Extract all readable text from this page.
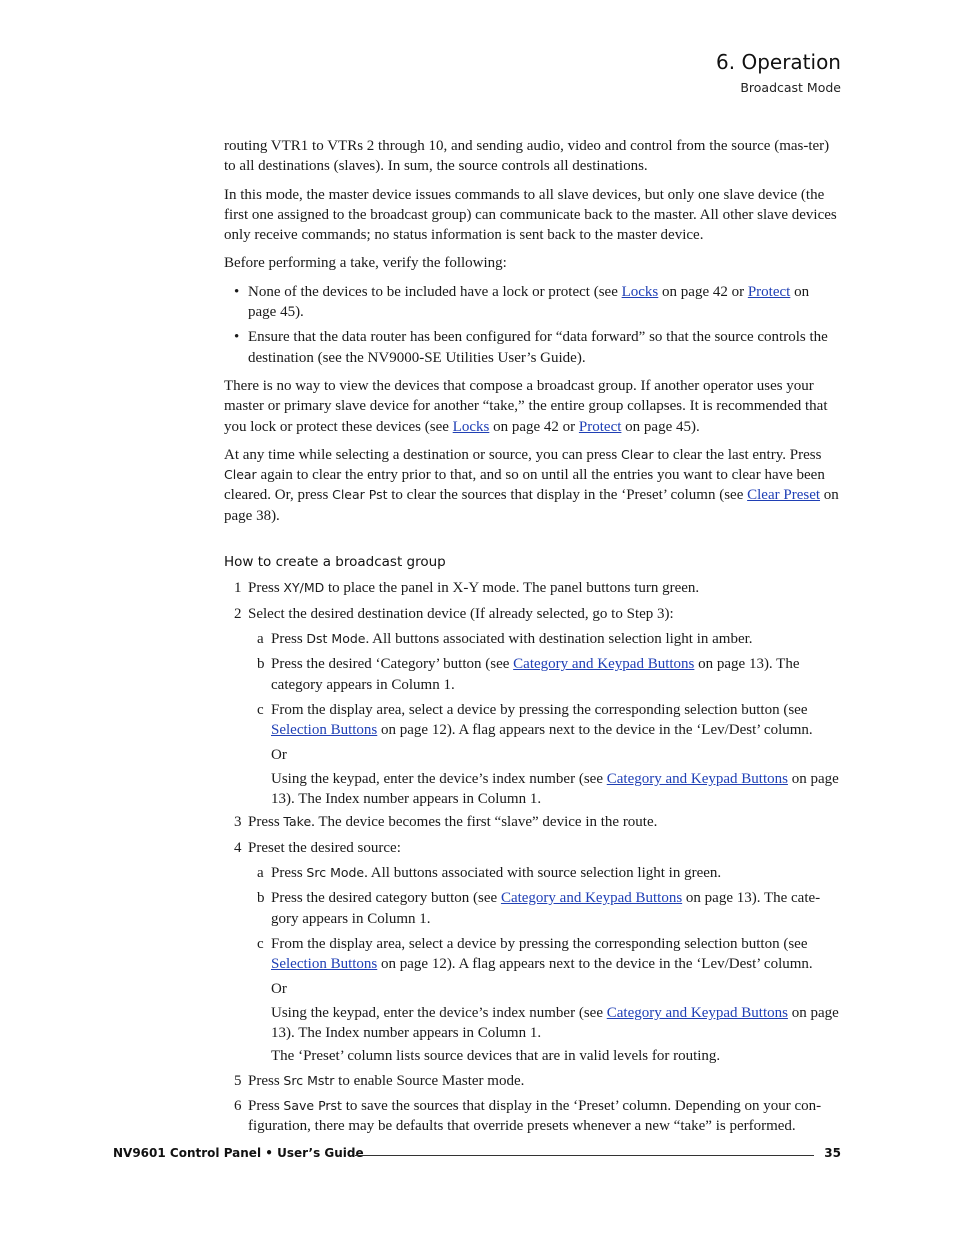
6. Operation
Broadcast Mode

routing VTR1 to VTRs 2 through 10, and sending audio, video and control from the source (mas-ter) to all destinations (slaves). In sum, the source controls all destinations.

In this mode, the master device issues commands to all slave devices, but only one slave device (the first one assigned to the broadcast group) can communicate back to the master. All other slave devices only receive commands; no status information is sent back to the master device.

Before performing a take, verify the following:

• None of the devices to be included have a lock or protect (see Locks on page 42 or Protect on page 45).
• Ensure that the data router has been configured for “data forward” so that the source controls the destination (see the NV9000-SE Utilities User’s Guide).

There is no way to view the devices that compose a broadcast group. If another operator uses your master or primary slave device for another “take,” the entire group collapses. It is recommended that you lock or protect these devices (see Locks on page 42 or Protect on page 45).

At any time while selecting a destination or source, you can press Clear to clear the last entry. Press Clear again to clear the entry prior to that, and so on until all the entries you want to clear have been cleared. Or, press Clear Pst to clear the sources that display in the ‘Preset’ column (see Clear Preset on page 38).

How to create a broadcast group
1 Press XY/MD to place the panel in X-Y mode. The panel buttons turn green.
2 Select the desired destination device (If already selected, go to Step 3):
a Press Dst Mode. All buttons associated with destination selection light in amber.
b Press the desired ‘Category’ button (see Category and Keypad Buttons on page 13). The category appears in Column 1.
c From the display area, select a device by pressing the corresponding selection button (see Selection Buttons on page 12). A flag appears next to the device in the ‘Lev/Dest’ column.
Or
Using the keypad, enter the device’s index number (see Category and Keypad Buttons on page 13). The Index number appears in Column 1.
3 Press Take. The device becomes the first “slave” device in the route.
4 Preset the desired source:
a Press Src Mode. All buttons associated with source selection light in green.
b Press the desired category button (see Category and Keypad Buttons on page 13). The cate-gory appears in Column 1.
c From the display area, select a device by pressing the corresponding selection button (see Selection Buttons on page 12). A flag appears next to the device in the ‘Lev/Dest’ column.
Or
Using the keypad, enter the device’s index number (see Category and Keypad Buttons on page 13). The Index number appears in Column 1.
The ‘Preset’ column lists source devices that are in valid levels for routing.
5 Press Src Mstr to enable Source Master mode.
6 Press Save Prst to save the sources that display in the ‘Preset’ column. Depending on your con-figuration, there may be defaults that override presets whenever a new “take” is performed.
NV9601 Control Panel • User’s Guide	35
